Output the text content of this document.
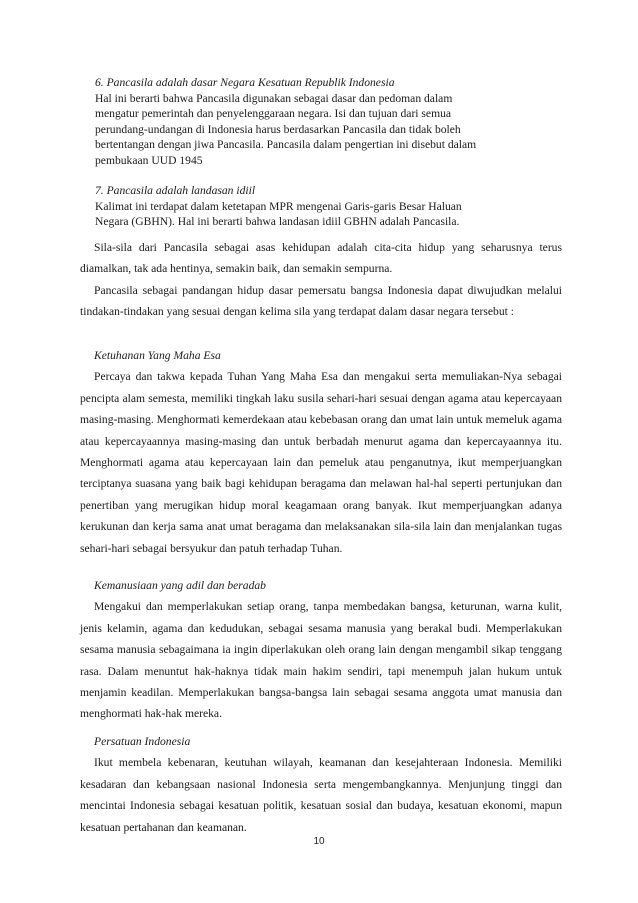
6. Pancasila adalah dasar Negara Kesatuan Republik Indonesia

Hal ini berarti bahwa Pancasila digunakan sebagai dasar dan pedoman dalam

mengatur pemerintah dan penyelenggaraan negara. Isi dan tujuan dari semua

perundang-undangan di Indonesia harus berdasarkan Pancasila dan tidak boleh

bertentangan dengan jiwa Pancasila. Pancasila dalam pengertian ini disebut dalam

pembukaan UUD 1945

7. Pancasila adalah landasan idiil

Kalimat ini terdapat dalam ketetapan MPR mengenai Garis-garis Besar Haluan

Negara (GBHN). Hal ini berarti bahwa landasan idiil GBHN adalah Pancasila.

Sila-sila dari Pancasila sebagai asas kehidupan adalah cita-cita hidup yang seharusnya terus diamalkan, tak ada hentinya, semakin baik, dan semakin sempurna.

Pancasila sebagai pandangan hidup dasar pemersatu bangsa Indonesia dapat diwujudkan melalui tindakan-tindakan yang sesuai dengan kelima sila yang terdapat dalam dasar negara tersebut :

Ketuhanan Yang Maha Esa

Percaya dan takwa kepada Tuhan Yang Maha Esa dan mengakui serta memuliakan-Nya sebagai pencipta alam semesta, memiliki tingkah laku susila sehari-hari sesuai dengan agama atau kepercayaan masing-masing. Menghormati kemerdekaan atau kebebasan orang dan umat lain untuk memeluk agama atau kepercayaannya masing-masing dan untuk berbadah menurut agama dan kepercayaannya itu. Menghormati agama atau kepercayaan lain dan pemeluk atau penganutnya, ikut memperjuangkan terciptanya suasana yang baik bagi kehidupan beragama dan melawan hal-hal seperti pertunjukan dan penertiban yang merugikan hidup moral keagamaan orang banyak. Ikut memperjuangkan adanya kerukunan dan kerja sama anat umat beragama dan melaksanakan sila-sila lain dan menjalankan tugas sehari-hari sebagai bersyukur dan patuh terhadap Tuhan.

Kemanusiaan yang adil dan beradab

Mengakui dan memperlakukan setiap orang, tanpa membedakan bangsa, keturunan, warna kulit, jenis kelamin, agama dan kedudukan, sebagai sesama manusia yang berakal budi. Memperlakukan sesama manusia sebagaimana ia ingin diperlakukan oleh orang lain dengan mengambil sikap tenggang rasa. Dalam menuntut hak-haknya tidak main hakim sendiri, tapi menempuh jalan hukum untuk menjamin keadilan. Memperlakukan bangsa-bangsa lain sebagai sesama anggota umat manusia dan menghormati hak-hak mereka.

Persatuan Indonesia

Ikut membela kebenaran, keutuhan wilayah, keamanan dan kesejahteraan Indonesia. Memiliki kesadaran dan kebangsaan nasional Indonesia serta mengembangkannya. Menjunjung tinggi dan mencintai Indonesia sebagai kesatuan politik, kesatuan sosial dan budaya, kesatuan ekonomi, mapun kesatuan pertahanan dan keamanan.

10
